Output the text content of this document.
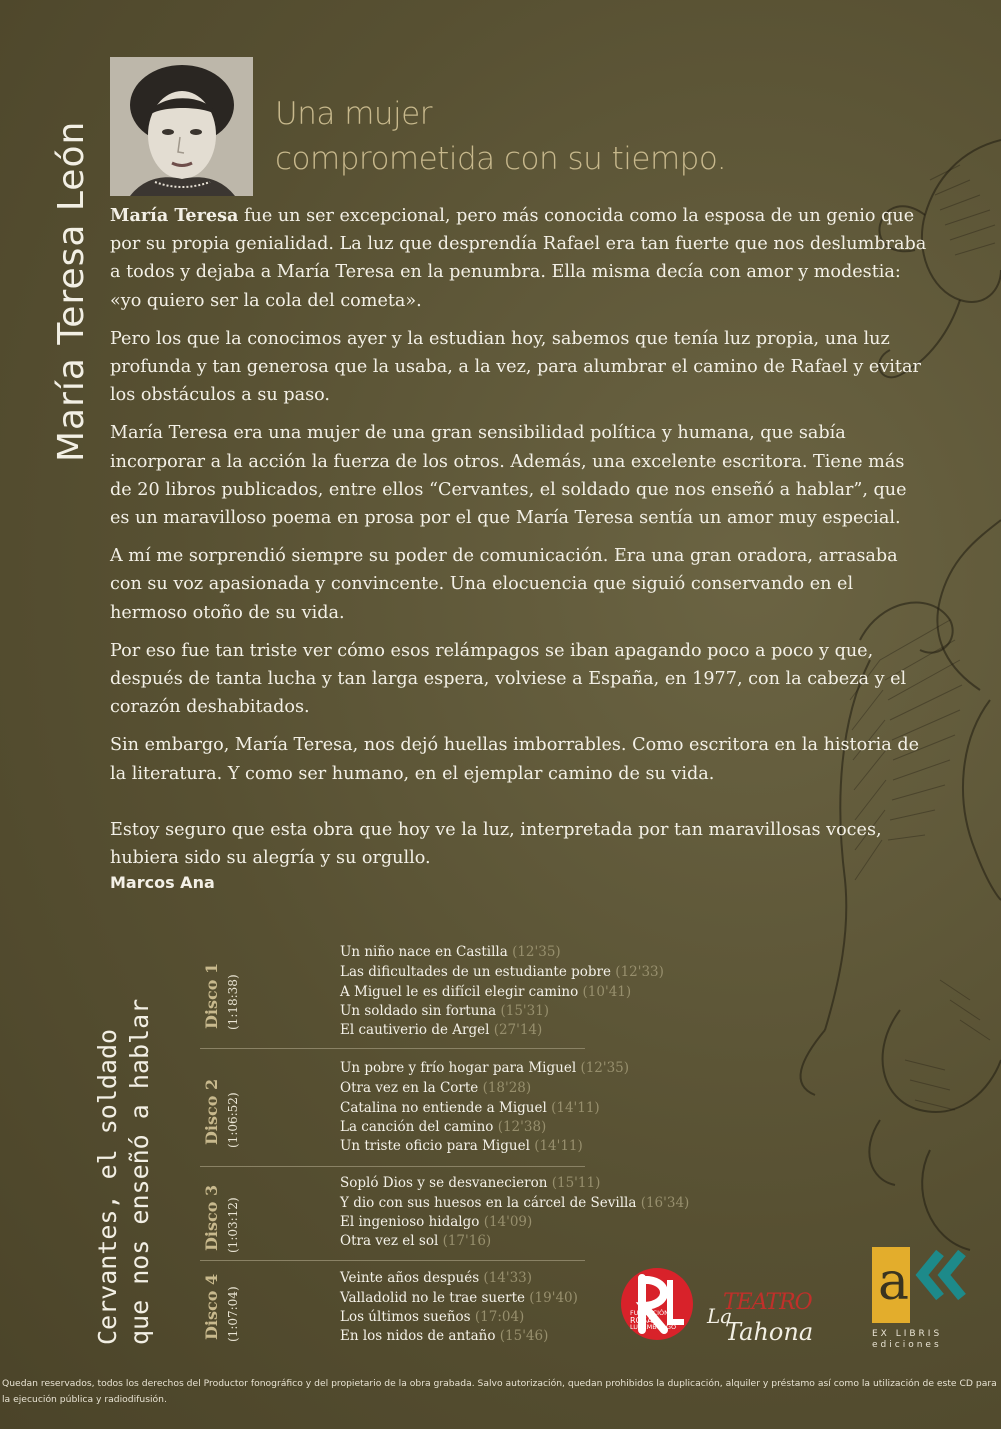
María Teresa León
Una mujer
comprometida con su tiempo.

María Teresa fue un ser excepcional, pero más conocida como la esposa de un genio que por su propia genialidad. La luz que desprendía Rafael era tan fuerte que nos deslumbraba a todos y dejaba a María Teresa en la penumbra. Ella misma decía con amor y modestia: «yo quiero ser la cola del cometa».

Pero los que la conocimos ayer y la estudian hoy, sabemos que tenía luz propia, una luz profunda y tan generosa que la usaba, a la vez, para alumbrar el camino de Rafael y evitar los obstáculos a su paso.

María Teresa era una mujer de una gran sensibilidad política y humana, que sabía incorporar a la acción la fuerza de los otros. Además, una excelente escritora. Tiene más de 20 libros publicados, entre ellos “Cervantes, el soldado que nos enseñó a hablar”, que es un maravilloso poema en prosa por el que María Teresa sentía un amor muy especial.

A mí me sorprendió siempre su poder de comunicación. Era una gran oradora, arrasaba con su voz apasionada y convincente. Una elocuencia que siguió conservando en el hermoso otoño de su vida.

Por eso fue tan triste ver cómo esos relámpagos se iban apagando poco a poco y que, después de tanta lucha y tan larga espera, volviese a España, en 1977, con la cabeza y el corazón deshabitados.

Sin embargo, María Teresa, nos dejó huellas imborrables. Como escritora en la historia de la literatura. Y como ser humano, en el ejemplar camino de su vida.

Estoy seguro que esta obra que hoy ve la luz, interpretada por tan maravillosas voces, hubiera sido su alegría y su orgullo.

Marcos Ana
Cervantes, el soldado que nos enseñó a hablar
Disco 1 (1:18:38)
Un niño nace en Castilla (12'35)
Las dificultades de un estudiante pobre (12'33)
A Miguel le es difícil elegir camino (10'41)
Un soldado sin fortuna (15'31)
El cautiverio de Argel (27'14)
Disco 2 (1:06:52)
Un pobre y frío hogar para Miguel (12'35)
Otra vez en la Corte (18'28)
Catalina no entiende a Miguel (14'11)
La canción del camino (12'38)
Un triste oficio para Miguel (14'11)
Disco 3 (1:03:12)
Sopló Dios y se desvanecieron (15'11)
Y dio con sus huesos en la cárcel de Sevilla (16'34)
El ingenioso hidalgo (14'09)
Otra vez el sol (17'16)
Disco 4 (1:07:04)
Veinte años después (14'33)
Valladolid no le trae suerte (19'40)
Los últimos sueños (17:04)
En los nidos de antaño (15'46)
FUNDACIÓN
ROSA
LUXEMBURGO
TEATRO
La
Tahona
a
EX LIBRIS
ediciones
Quedan reservados, todos los derechos del Productor fonográfico y del propietario de la obra grabada. Salvo autorización, quedan prohibidos la duplicación, alquiler y préstamo así como la utilización de este CD para la ejecución pública y radiodifusión.
